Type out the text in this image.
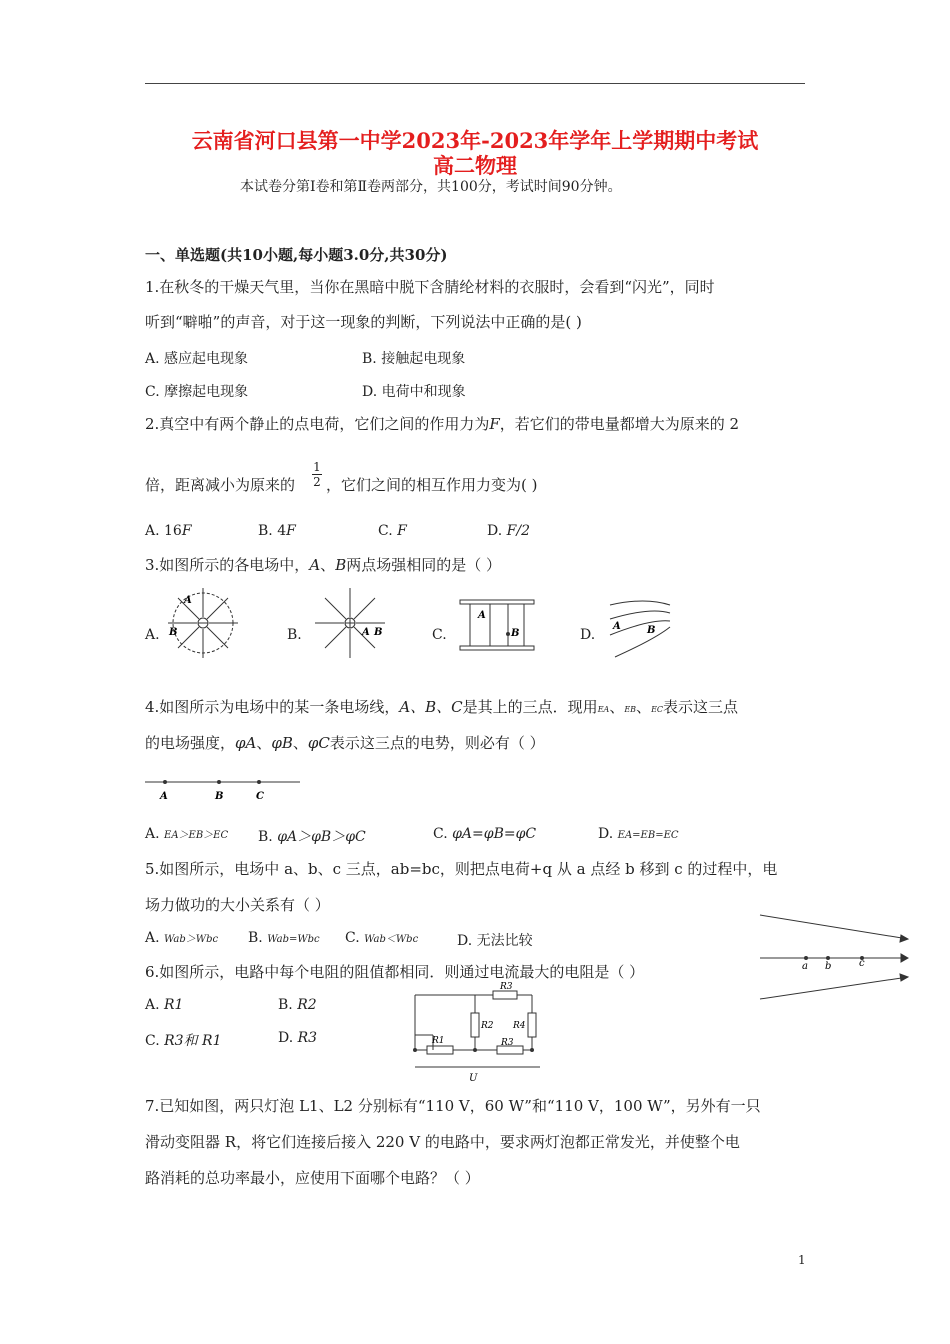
云南省河口县第一中学2023年-2023年学年上学期期中考试
高二物理
本试卷分第Ⅰ卷和第Ⅱ卷两部分，共100分，考试时间90分钟。
一、单选题(共10小题,每小题3.0分,共30分)
1.在秋冬的干燥天气里，当你在黑暗中脱下含腈纶材料的衣服时，会看到“闪光”，同时
听到“噼啪”的声音，对于这一现象的判断，下列说法中正确的是( )
A. 感应起电现象	B. 接触起电现象
C. 摩擦起电现象	D. 电荷中和现象
2.真空中有两个静止的点电荷，它们之间的作用力为F，若它们的带电量都增大为原来的 2
倍，距离减小为原来的 $\frac{1}{2}$ ，它们之间的相互作用力变为( )
A. 16F	B. 4F	C. F	D. F/2
3.如图所示的各电场中，A、B两点场强相同的是（ ）
A.	B.	C.	D.
A
B	A B
A
B
A	B
4.如图所示为电场中的某一条电场线，A、B、C是其上的三点．现用EA、EB、EC表示这三点
的电场强度，φA、φB、φC表示这三点的电势，则必有（ ）
A	B	C
A. EA＞EB＞EC B. φA＞φB＞φC	C. φA=φB=φC	D. EA=EB=EC
5.如图所示，电场中 a、b、c 三点，ab=bc，则把点电荷+q 从 a 点经 b 移到 c 的过程中，电
场力做功的大小关系有（ ）
A. Wab＞Wbc B. Wab=Wbc C. Wab＜Wbc	D. 无法比较
a b	c
6.如图所示，电路中每个电阻的阻值都相同．则通过电流最大的电阻是（ ）
A. R1	B. R2
C. R3和 R1	D. R3	R1
R2
R3
R3
R4
U
7.已知如图，两只灯泡 L1、L2 分别标有“110 V，60 W”和“110 V，100 W”，另外有一只
滑动变阻器 R，将它们连接后接入 220 V 的电路中，要求两灯泡都正常发光，并使整个电
路消耗的总功率最小，应使用下面哪个电路？（ ）
1
